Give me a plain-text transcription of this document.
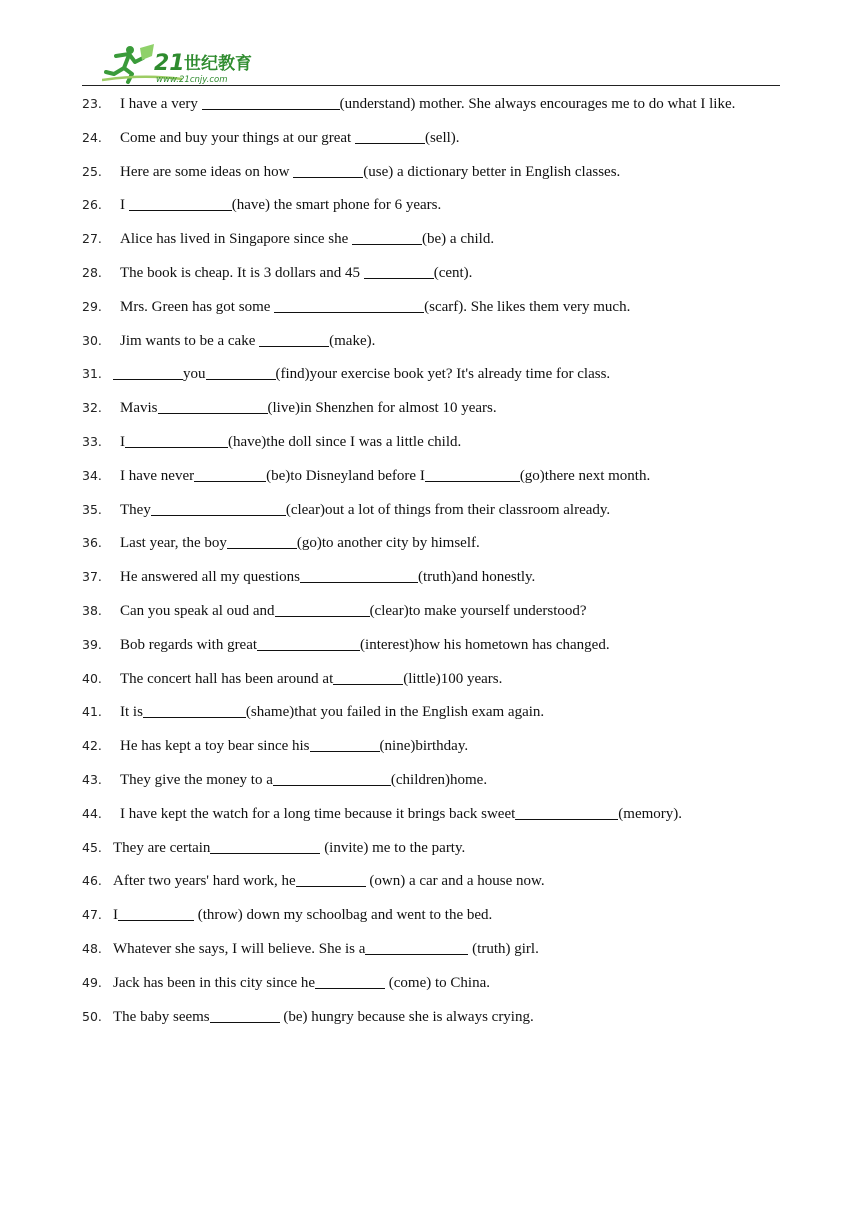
21 世纪教育
www.21cnjy.com
23. I have a very	(understand) mother. She always encourages me to do what I like.
24. Come and buy your things at our great	(sell).
25. Here are some ideas on how	(use) a dictionary better in English classes.
26. I	(have) the smart phone for 6 years.
27. Alice has lived in Singapore since she	(be) a child.
28. The book is cheap. It is 3 dollars and 45	(cent).
29. Mrs. Green has got some	(scarf). She likes them very much.
30. Jim wants to be a cake	(make).
31.	you	(find)your exercise book yet? It's already time for class.
32. Mavis	(live)in Shenzhen for almost 10 years.
33. I	(have)the doll since I was a little child.
34. I have never	(be)to Disneyland before I	(go)there next month.
35. They	(clear)out a lot of things from their classroom already.
36. Last year, the boy	(go)to another city by himself.
37. He answered all my questions	(truth)and honestly.
38. Can you speak al oud and	(clear)to make yourself understood?
39. Bob regards with great	(interest)how his hometown has changed.
40. The concert hall has been around at	(little)100 years.
41. It is	(shame)that you failed in the English exam again.
42. He has kept a toy bear since his	(nine)birthday.
43. They give the money to a	(children)home.
44. I have kept the watch for a long time because it brings back sweet	(memory).
45. They are certain	(invite) me to the party.
46. After two years' hard work, he	(own) a car and a house now.
47. I	(throw) down my schoolbag and went to the bed.
48. Whatever she says, I will believe. She is a	(truth) girl.
49. Jack has been in this city since he	(come) to China.
50. The baby seems	(be) hungry because she is always crying.
